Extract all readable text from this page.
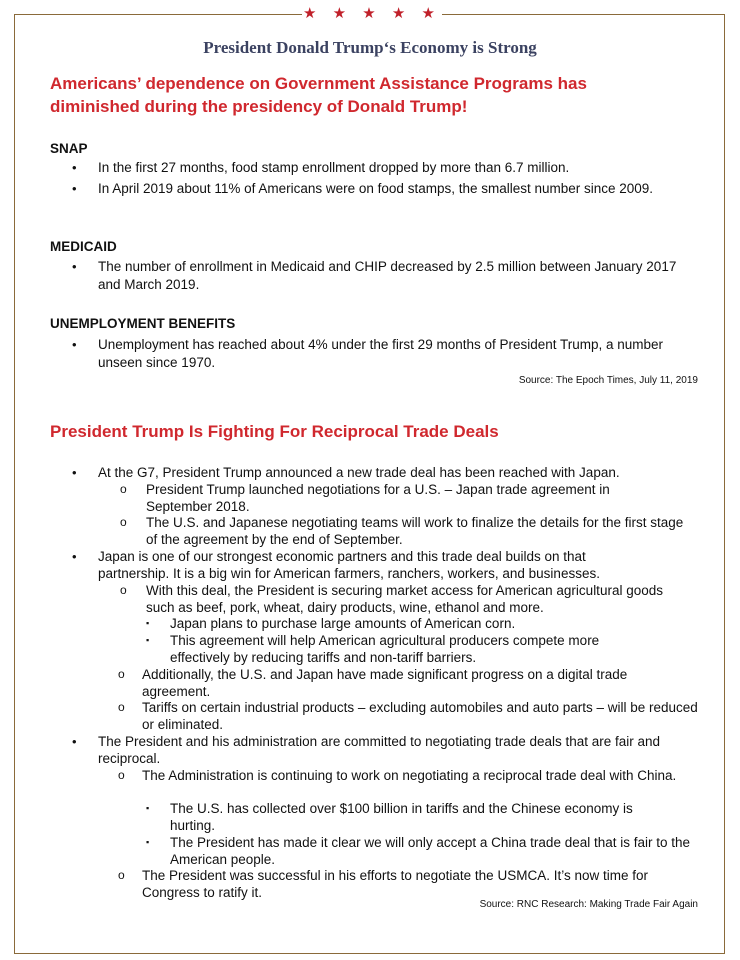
★ ★ ★ ★ ★
President Donald Trump‘s Economy is Strong
Americans’ dependence on Government Assistance Programs has diminished during the presidency of Donald Trump!
SNAP
• In the first 27 months, food stamp enrollment dropped by more than 6.7 million.
• In April 2019 about 11% of Americans were on food stamps, the smallest number since 2009.
MEDICAID
• The number of enrollment in Medicaid and CHIP decreased by 2.5 million between January 2017 and March 2019.
UNEMPLOYMENT BENEFITS
• Unemployment has reached about 4% under the first 29 months of President Trump, a number unseen since 1970.
Source: The Epoch Times, July 11, 2019
President Trump Is Fighting For Reciprocal Trade Deals
• At the G7, President Trump announced a new trade deal has been reached with Japan.
o President Trump launched negotiations for a U.S. – Japan trade agreement in September 2018.
o The U.S. and Japanese negotiating teams will work to finalize the details for the first stage of the agreement by the end of September.
• Japan is one of our strongest economic partners and this trade deal builds on that partnership. It is a big win for American farmers, ranchers, workers, and businesses.
o With this deal, the President is securing market access for American agricultural goods such as beef, pork, wheat, dairy products, wine, ethanol and more.
▪ Japan plans to purchase large amounts of American corn.
▪ This agreement will help American agricultural producers compete more effectively by reducing tariffs and non-tariff barriers.
o Additionally, the U.S. and Japan have made significant progress on a digital trade agreement.
o Tariffs on certain industrial products – excluding automobiles and auto parts – will be reduced or eliminated.
• The President and his administration are committed to negotiating trade deals that are fair and reciprocal.
o The Administration is continuing to work on negotiating a reciprocal trade deal with China.
▪ The U.S. has collected over $100 billion in tariffs and the Chinese economy is hurting.
▪ The President has made it clear we will only accept a China trade deal that is fair to the American people.
o The President was successful in his efforts to negotiate the USMCA. It’s now time for Congress to ratify it.
Source: RNC Research: Making Trade Fair Again
